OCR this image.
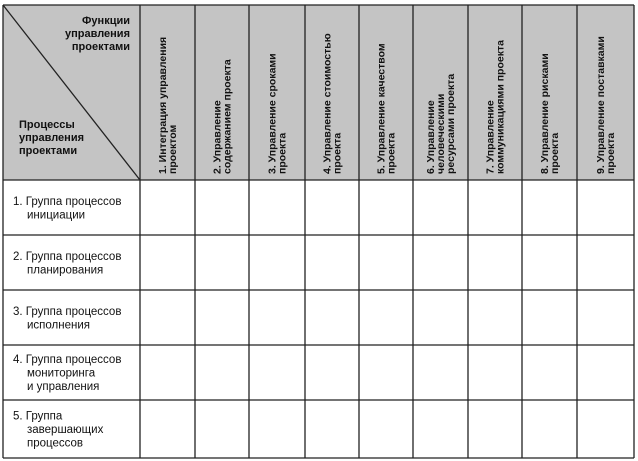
Функции управления проектами
Процессы управления проектами	1. Интеграция управленияпроектом	2. Управлениесодержанием проекта	3. Управление срокамипроекта	4. Управление стоимостьюпроекта	5. Управление качествомпроекта	6. Управлениечеловеческимиресурсами проекта	7. Управлениекоммуникациями проекта	8. Управление рискамипроекта	9. Управление поставкамипроекта
1. Группа процессов инициации
2. Группа процессов планирования
3. Группа процессов исполнения
4. Группа процессов мониторинга и управления
5. Группа завершающих процессов
